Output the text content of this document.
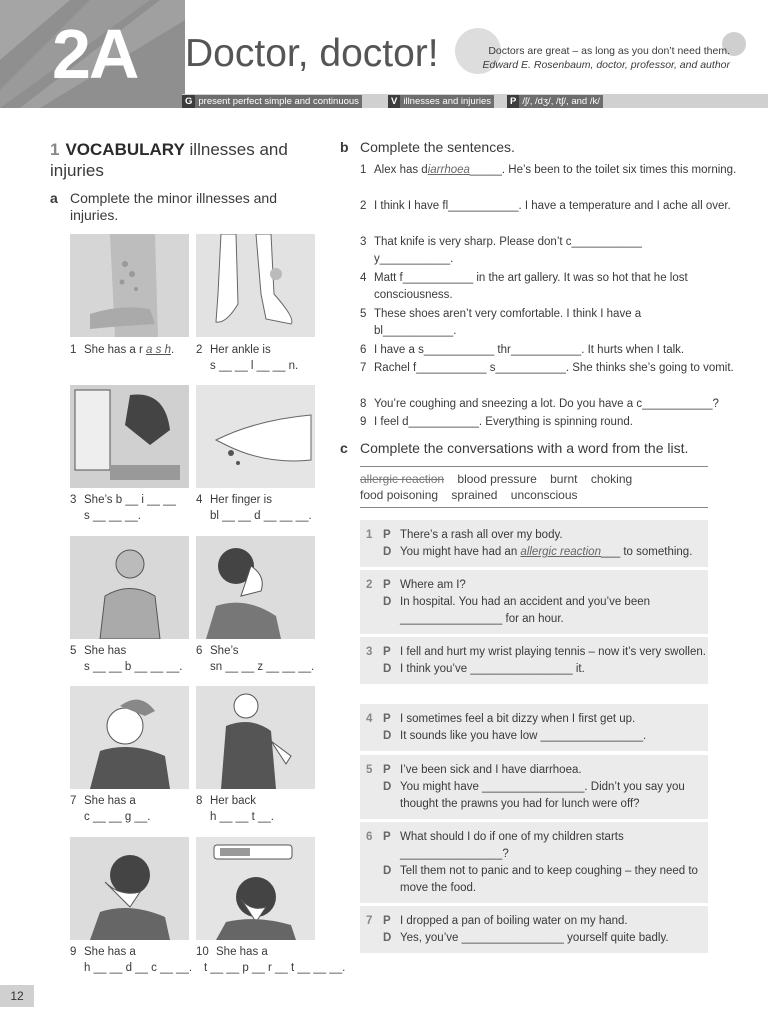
2A Doctor, doctor!	Doctors are great – as long as you don’t need them.
Edward E. Rosenbaum, doctor, professor, and author
G present perfect simple and continuous	V illnesses and injuries	P /ʃ/, /dʒ/, /tʃ/, and /k/
1 VOCABULARY illnesses and injuries
a Complete the minor illnesses and injuries.
1 She has a r a s h. 2 Her ankle is
s __ __ l __ __ n.
3 She’s b __ i __ __
s __ __ __.
4 Her finger is
bl __ __ d __ __ __.
5 She has
s __ __ b __ __ __.
6 She’s
sn __ __ z __ __ __.
7 She has a
c __ __ g __.
8 Her back
h __ __ t __.
9 She has a
h __ __ d __ c __ __.
10 She has a
t __ __ p __ r __ t __ __ __.
b Complete the sentences.
1 Alex has diarrhoea_____. He’s been to the toilet six times this morning.
2 I think I have fl___________. I have a temperature and I ache all over.
3 That knife is very sharp. Please don’t c___________ y___________.
4 Matt f___________ in the art gallery. It was so hot that he lost consciousness.
5 These shoes aren’t very comfortable. I think I have a bl___________.
6 I have a s___________ thr___________. It hurts when I talk.
7 Rachel f___________ s___________. She thinks she’s going to vomit.
8 You’re coughing and sneezing a lot. Do you have a c___________?
9 I feel d___________. Everything is spinning round.
c Complete the conversations with a word from the list.
allergic reaction blood pressure burnt choking
food poisoning sprained unconscious
1 P There’s a rash all over my body.
D You might have had an allergic reaction___ to something.
2 P Where am I?
D In hospital. You had an accident and you’ve been
________________ for an hour.
3 P I fell and hurt my wrist playing tennis – now it’s very swollen.
D I think you’ve ________________ it.
4 P I sometimes feel a bit dizzy when I first get up.
D It sounds like you have low ________________.
5 P I’ve been sick and I have diarrhoea.
D You might have ________________. Didn’t you say you thought the prawns you had for lunch were off?
6 P What should I do if one of my children starts ________________?
D Tell them not to panic and to keep coughing – they need to move the food.
7 P I dropped a pan of boiling water on my hand.
D Yes, you’ve ________________ yourself quite badly.
12
